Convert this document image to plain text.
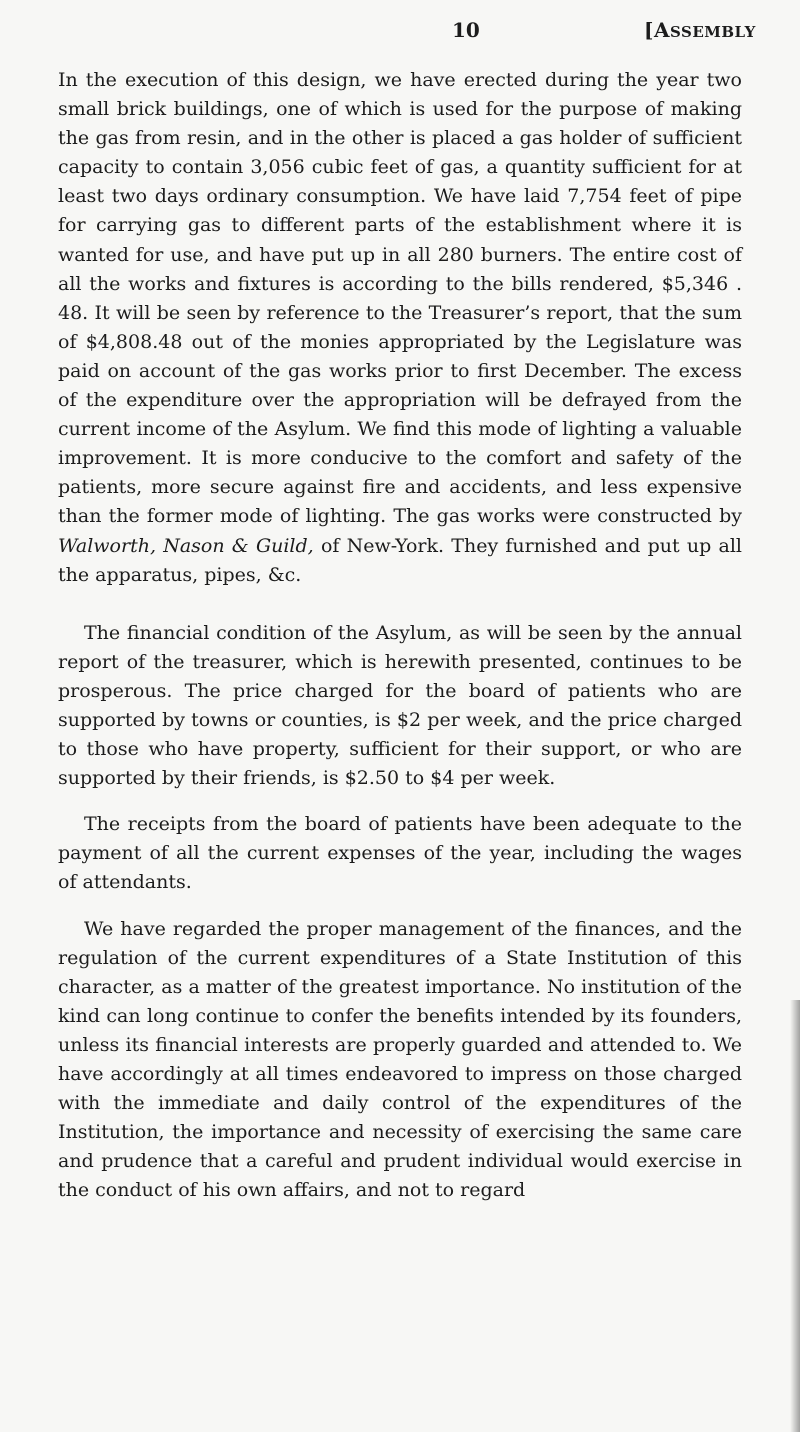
10	[ASSEMBLY

In the execution of this design, we have erected during the year two small brick buildings, one of which is used for the purpose of making the gas from resin, and in the other is placed a gas holder of sufficient capacity to contain 3,056 cubic feet of gas, a quantity sufficient for at least two days ordinary consumption. We have laid 7,754 feet of pipe for carrying gas to different parts of the establishment where it is wanted for use, and have put up in all 280 burners. The entire cost of all the works and fixtures is according to the bills rendered, $5,346 . 48. It will be seen by reference to the Treasurer’s report, that the sum of $4,808.48 out of the monies appropriated by the Legislature was paid on account of the gas works prior to first December. The excess of the expenditure over the appropriation will be defrayed from the current income of the Asylum. We find this mode of lighting a valuable improvement. It is more conducive to the comfort and safety of the patients, more secure against fire and accidents, and less expensive than the former mode of lighting. The gas works were constructed by Walworth, Nason & Guild, of New-York. They furnished and put up all the apparatus, pipes, &c.

The financial condition of the Asylum, as will be seen by the annual report of the treasurer, which is herewith presented, continues to be prosperous. The price charged for the board of patients who are supported by towns or counties, is $2 per week, and the price charged to those who have property, sufficient for their support, or who are supported by their friends, is $2.50 to $4 per week.

The receipts from the board of patients have been adequate to the payment of all the current expenses of the year, including the wages of attendants.

We have regarded the proper management of the finances, and the regulation of the current expenditures of a State Institution of this character, as a matter of the greatest importance. No institution of the kind can long continue to confer the benefits intended by its founders, unless its financial interests are properly guarded and attended to. We have accordingly at all times endeavored to impress on those charged with the immediate and daily control of the expenditures of the Institution, the importance and necessity of exercising the same care and prudence that a careful and prudent individual would exercise in the conduct of his own affairs, and not to regard
